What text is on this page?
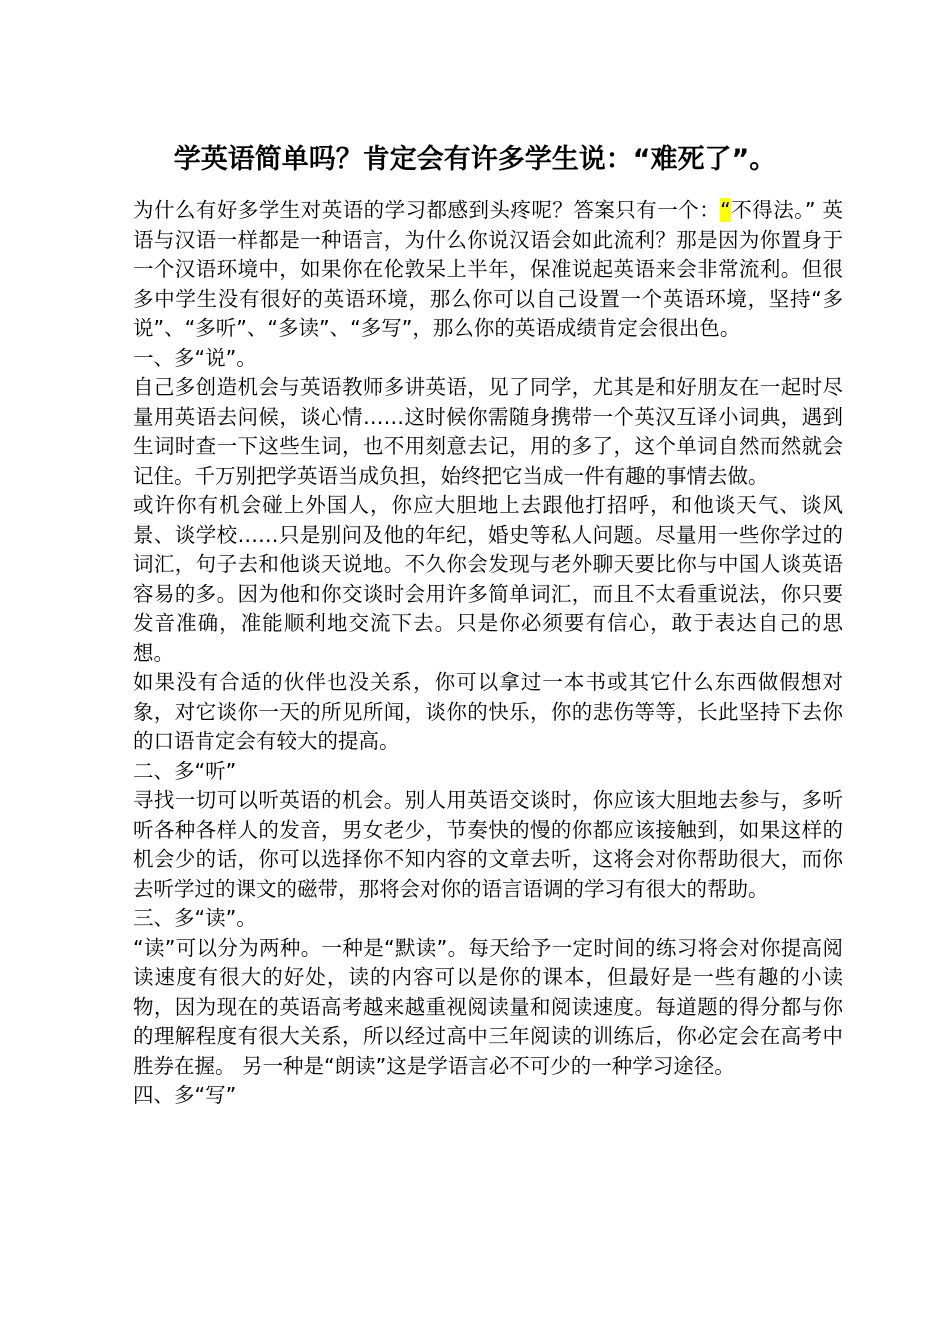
学英语简单吗？肯定会有许多学生说：“难死了”。

为什么有好多学生对英语的学习都感到头疼呢？答案只有一个：“不得法。” 英语与汉语一样都是一种语言，为什么你说汉语会如此流利？那是因为你置身于一个汉语环境中，如果你在伦敦呆上半年，保准说起英语来会非常流利。但很多中学生没有很好的英语环境，那么你可以自己设置一个英语环境，坚持“多说”、“多听”、“多读”、“多写”，那么你的英语成绩肯定会很出色。

一、多“说”。

自己多创造机会与英语教师多讲英语，见了同学，尤其是和好朋友在一起时尽量用英语去问候，谈心情……这时候你需随身携带一个英汉互译小词典，遇到生词时查一下这些生词，也不用刻意去记，用的多了，这个单词自然而然就会记住。千万别把学英语当成负担，始终把它当成一件有趣的事情去做。

或许你有机会碰上外国人，你应大胆地上去跟他打招呼，和他谈天气、谈风景、谈学校……只是别问及他的年纪，婚史等私人问题。尽量用一些你学过的词汇，句子去和他谈天说地。不久你会发现与老外聊天要比你与中国人谈英语容易的多。因为他和你交谈时会用许多简单词汇，而且不太看重说法，你只要发音准确，准能顺利地交流下去。只是你必须要有信心，敢于表达自己的思想。

如果没有合适的伙伴也没关系，你可以拿过一本书或其它什么东西做假想对象，对它谈你一天的所见所闻，谈你的快乐，你的悲伤等等，长此坚持下去你的口语肯定会有较大的提高。

二、多“听”

寻找一切可以听英语的机会。别人用英语交谈时，你应该大胆地去参与，多听听各种各样人的发音，男女老少，节奏快的慢的你都应该接触到，如果这样的机会少的话，你可以选择你不知内容的文章去听，这将会对你帮助很大，而你去听学过的课文的磁带，那将会对你的语言语调的学习有很大的帮助。

三、多“读”。

“读”可以分为两种。一种是“默读”。每天给予一定时间的练习将会对你提高阅读速度有很大的好处，读的内容可以是你的课本，但最好是一些有趣的小读物，因为现在的英语高考越来越重视阅读量和阅读速度。每道题的得分都与你的理解程度有很大关系，所以经过高中三年阅读的训练后，你必定会在高考中胜券在握。 另一种是“朗读”这是学语言必不可少的一种学习途径。

四、多“写”
